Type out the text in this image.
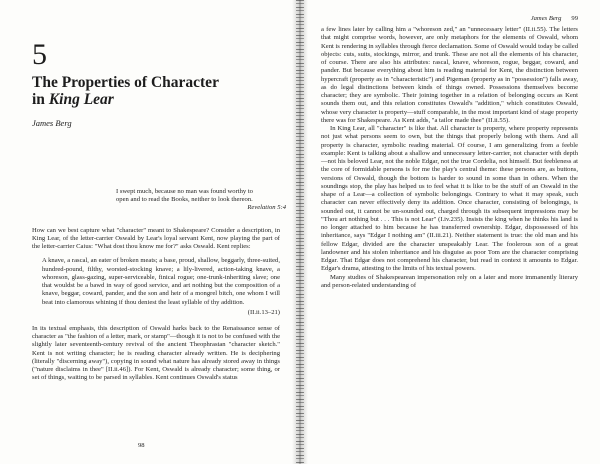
5
The Properties of Character
in King Lear
James Berg
I swept much, because no man was found worthy to
open and to read the Books, neither to look thereon.
Revelation 5:4

How can we best capture what "character" meant to Shakespeare? Consider a description, in King Lear, of the letter-carrier Oswald by Lear's loyal servant Kent, now playing the part of the letter-carrier Caius: "What dost thou know me for?" asks Oswald. Kent replies:

A knave, a rascal, an eater of broken meats; a base, proud, shallow, beggarly, three-suited, hundred-pound, filthy, worsted-stocking knave; a lily-livered, action-taking knave, a whoreson, glass-gazing, super-serviceable, finical rogue; one-trunk-inheriting slave; one that wouldst be a bawd in way of good service, and art nothing but the composition of a knave, beggar, coward, pander, and the son and heir of a mongrel bitch, one whom I will beat into clamorous whining if thou deniest the least syllable of thy addition.

(II.ii.13–21)

In its textual emphasis, this description of Oswald harks back to the Renaissance sense of character as "the fashion of a letter, mark, or stamp"—though it is not to be confused with the slightly later seventeenth-century revival of the ancient Theophrastan "character sketch." Kent is not writing character; he is reading character already written. He is deciphering (literally "discerning away"), copying in sound what nature has already stored away in things ("nature disclaims in thee" [II.ii.46]). For Kent, Oswald is already character; some thing, or set of things, waiting to be parsed in syllables. Kent continues Oswald's status

98
James Berg 99

a few lines later by calling him a "whoreson zed," an "unnecessary letter" (II.ii.55). The letters that might comprise words, however, are only metaphors for the elements of Oswald, whom Kent is rendering in syllables through fierce declamation. Some of Oswald would today be called objects: cuts, suits, stockings, mirror, and trunk. These are not all the elements of his character, of course. There are also his attributes: rascal, knave, whoreson, rogue, beggar, coward, and pander. But because everything about him is reading material for Kent, the distinction between hypercraft (property as in "characteristic") and Pigeman (property as in "possession") falls away, as do legal distinctions between kinds of things owned. Possessions themselves become character; they are symbolic. Their joining together in a relation of belonging occurs as Kent sounds them out, and this relation constitutes Oswald's "addition," which constitutes Oswald, whose very character is property—stuff comparable, in the most important kind of stage property there was for Shakespeare. As Kent adds, "a tailor made thee" (II.ii.55).

In King Lear, all "character" is like that. All character is property, where property represents not just what persons seem to own, but the things that properly belong with them. And all property is character, symbolic reading material. Of course, I am generalizing from a feeble example: Kent is talking about a shallow and unnecessary letter-carrier, not character with depth—not his beloved Lear, not the noble Edgar, not the true Cordelia, not himself. But feebleness at the core of formidable persons is for me the play's central theme: these persons are, as buttons, versions of Oswald, though the bottom is harder to sound in some than in others. When the soundings stop, the play has helped us to feel what it is like to be the stuff of an Oswald in the shape of a Lear—a collection of symbolic belongings. Contrary to what it may speak, such character can never effectively deny its addition. Once character, consisting of belongings, is sounded out, it cannot be un-sounded out, charged through its subsequent impressions may be "Thou art nothing but . . . This is not Lear" (I.iv.235). Insists the king when he thinks his land is no longer attached to him because he has transferred ownership. Edgar, dispossessed of his inheritance, says "Edgar I nothing am" (II.iii.21). Neither statement is true: the old man and his fellow Edgar, divided are the character unspeakably Lear. The foolerous son of a great landowner and his stolen inheritance and his disguise as poor Tom are the character comprising Edgar. That Edgar does not comprehend his character, but read in context it amounts to Edgar. Edgar's drama, attesting to the limits of his textual powers.

Many studies of Shakespearean impersonation rely on a later and more immanently literary and person-related understanding of
